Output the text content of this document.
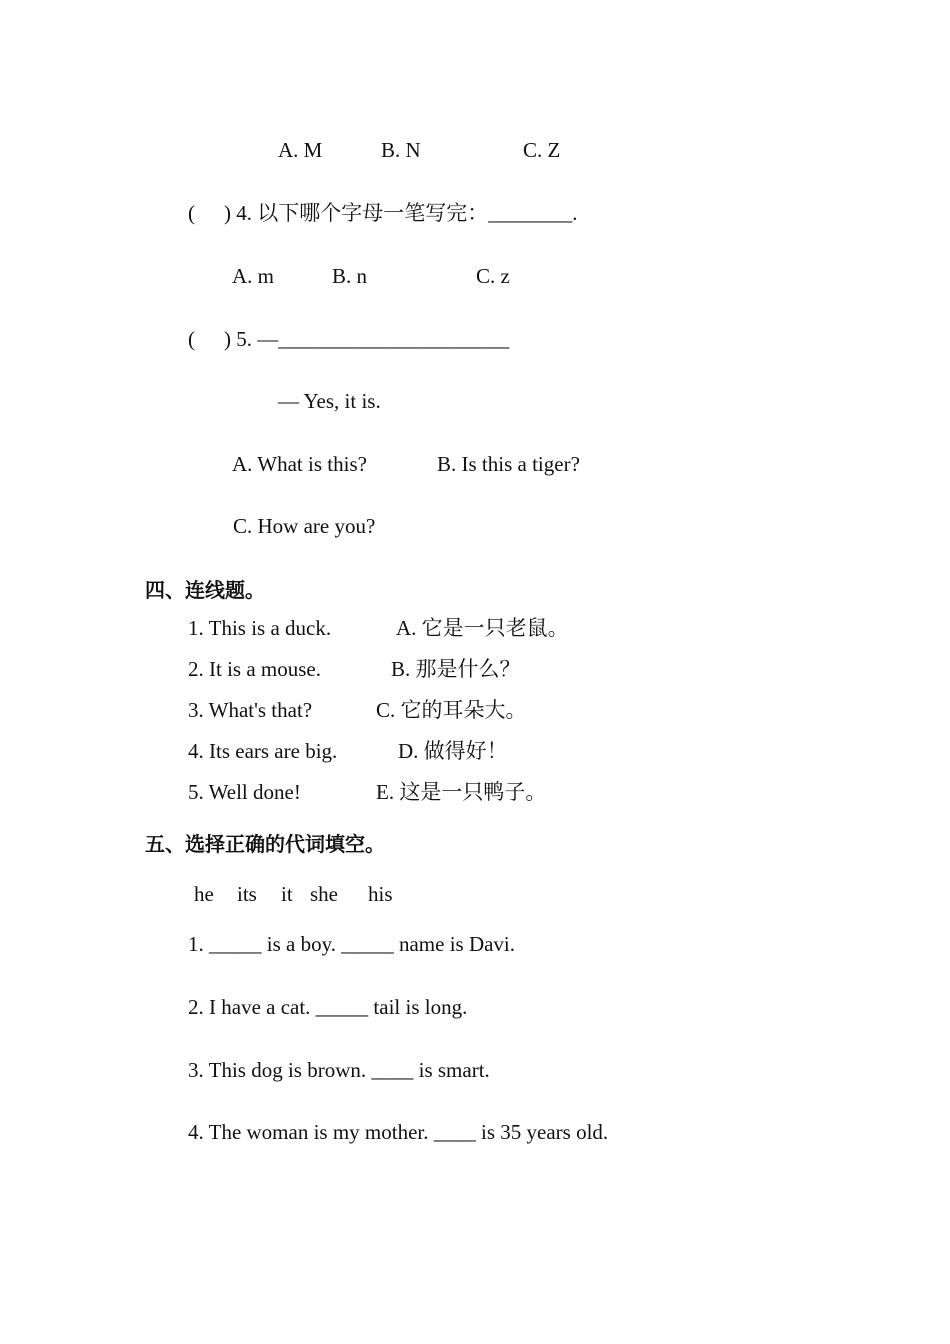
A. M	B. N	C. Z
( ) 4. 以下哪个字母一笔写完：________.
A. m	B. n	C. z
( ) 5. —______________________
— Yes, it is.
A. What is this?	B. Is this a tiger?
C. How are you?
四、连线题。
1. This is a duck.	A. 它是一只老鼠。
2. It is a mouse.	B. 那是什么？
3. What's that?	C. 它的耳朵大。
4. Its ears are big.	D. 做得好！
5. Well done!	E. 这是一只鸭子。
五、选择正确的代词填空。
he its it she his
1. _____ is a boy. _____ name is Davi.
2. I have a cat. _____ tail is long.
3. This dog is brown. ____ is smart.
4. The woman is my mother. ____ is 35 years old.
